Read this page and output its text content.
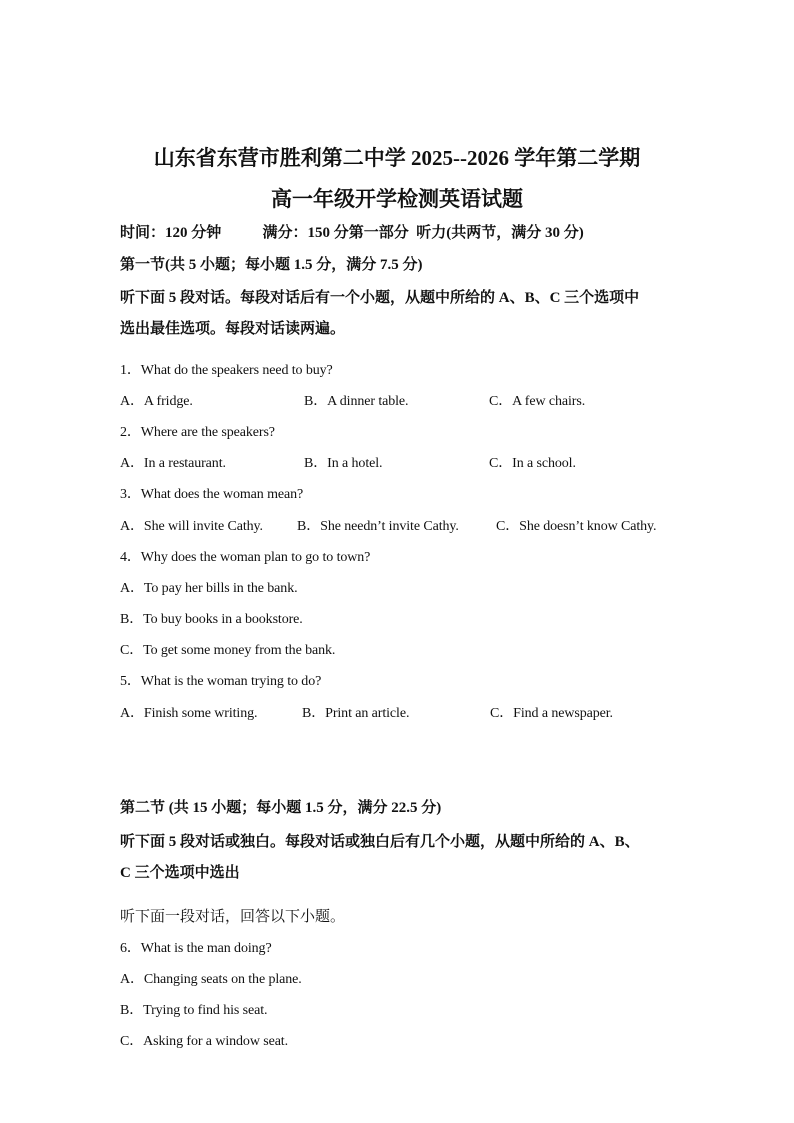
山东省东营市胜利第二中学 2025--2026 学年第二学期
高一年级开学检测英语试题
时间：120 分钟           满分：150 分第一部分  听力(共两节，满分 30 分)
第一节(共 5 小题；每小题 1.5 分，满分 7.5 分)
听下面 5 段对话。每段对话后有一个小题，从题中所给的 A、B、C 三个选项中
选出最佳选项。每段对话读两遍。
1．What do the speakers need to buy?
A．A fridge.	B．A dinner table.	C．A few chairs.
2．Where are the speakers?
A．In a restaurant.	B．In a hotel.	C．In a school.
3．What does the woman mean?
A．She will invite Cathy. B．She needn’t invite Cathy.	C．She doesn’t know Cathy.
4．Why does the woman plan to go to town?
A．To pay her bills in the bank.
B．To buy books in a bookstore.
C．To get some money from the bank.
5．What is the woman trying to do?
A．Finish some writing.	B．Print an article.	C．Find a newspaper.
第二节 (共 15 小题；每小题 1.5 分，满分 22.5 分)
听下面 5 段对话或独白。每段对话或独白后有几个小题，从题中所给的 A、B、
C 三个选项中选出
听下面一段对话，回答以下小题。
6．What is the man doing?
A．Changing seats on the plane.
B．Trying to find his seat.
C．Asking for a window seat.
